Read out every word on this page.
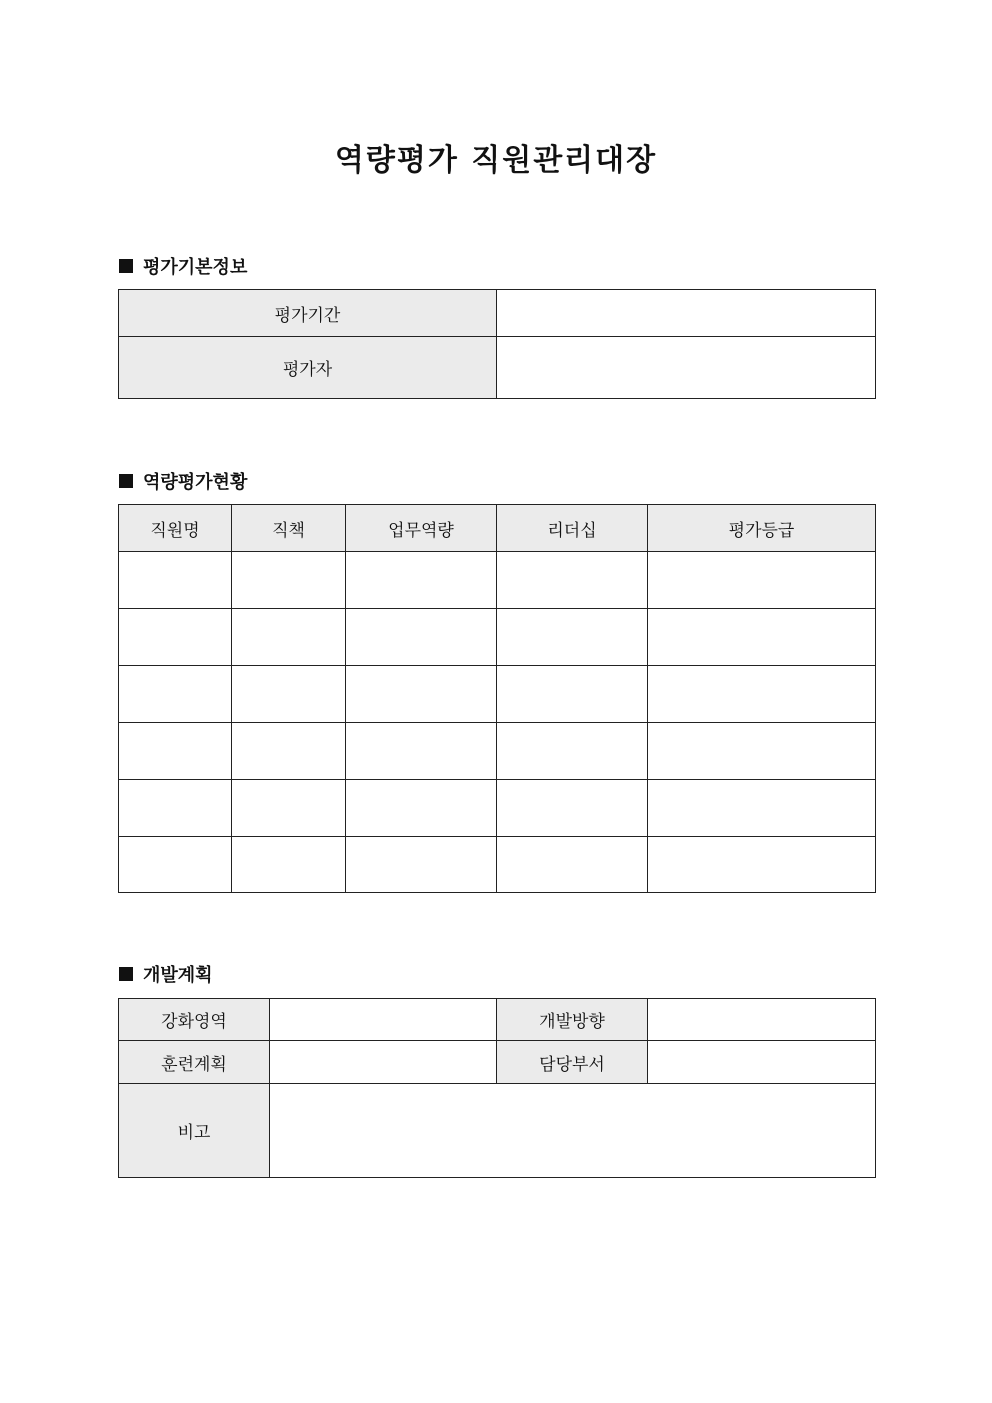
역량평가 직원관리대장
평가기본정보
평가기간	
평가자	
역량평가현황
직원명	직책	업무역량	리더십	평가등급

개발계획
강화영역		개발방향	
훈련계획		담당부서	
비고			
